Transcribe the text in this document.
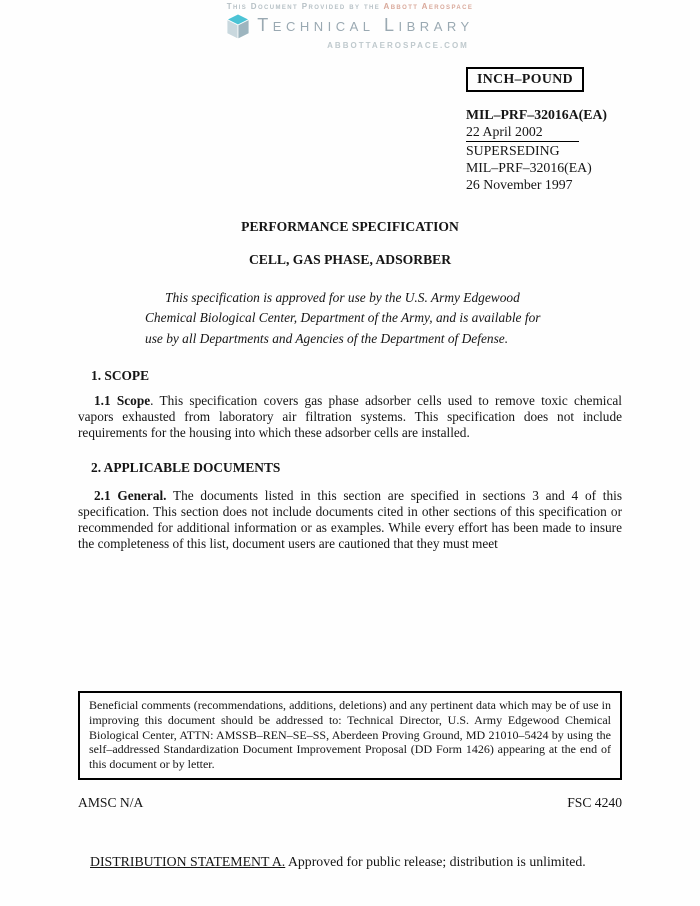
This Document Provided by the Abbott Aerospace
Technical Library
ABBOTTAEROSPACE.COM
INCH–POUND
MIL–PRF–32016A(EA)
22 April 2002
SUPERSEDING
MIL–PRF–32016(EA)
26 November 1997
PERFORMANCE SPECIFICATION
CELL, GAS PHASE, ADSORBER
This specification is approved for use by the U.S. Army Edgewood Chemical Biological Center, Department of the Army, and is available for use by all Departments and Agencies of the Department of Defense.
1. SCOPE

1.1 Scope. This specification covers gas phase adsorber cells used to remove toxic chemical vapors exhausted from laboratory air filtration systems. This specification does not include requirements for the housing into which these adsorber cells are installed.

2. APPLICABLE DOCUMENTS

2.1 General. The documents listed in this section are specified in sections 3 and 4 of this specification. This section does not include documents cited in other sections of this specification or recommended for additional information or as examples. While every effort has been made to insure the completeness of this list, document users are cautioned that they must meet

Beneficial comments (recommendations, additions, deletions) and any pertinent data which may be of use in improving this document should be addressed to: Technical Director, U.S. Army Edgewood Chemical Biological Center, ATTN: AMSSB–REN–SE–SS, Aberdeen Proving Ground, MD 21010–5424 by using the self–addressed Standardization Document Improvement Proposal (DD Form 1426) appearing at the end of this document or by letter.
AMSC N/A	FSC 4240
DISTRIBUTION STATEMENT A. Approved for public release; distribution is unlimited.
